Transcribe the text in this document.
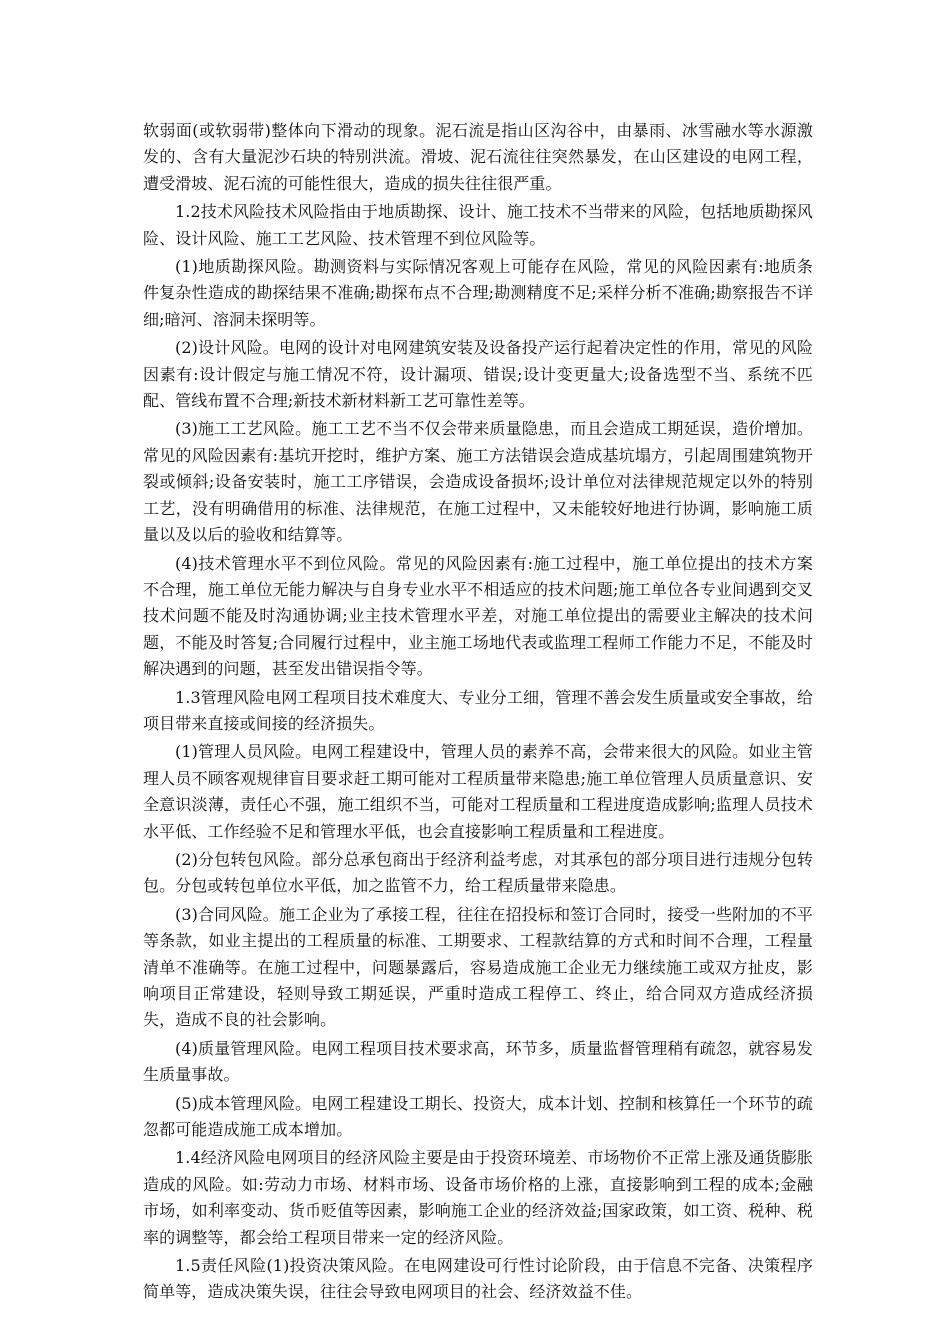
软弱面(或软弱带)整体向下滑动的现象。泥石流是指山区沟谷中，由暴雨、冰雪融水等水源激发的、含有大量泥沙石块的特别洪流。滑坡、泥石流往往突然暴发，在山区建设的电网工程，遭受滑坡、泥石流的可能性很大，造成的损失往往很严重。

1.2技术风险技术风险指由于地质勘探、设计、施工技术不当带来的风险，包括地质勘探风险、设计风险、施工工艺风险、技术管理不到位风险等。

(1)地质勘探风险。勘测资料与实际情况客观上可能存在风险，常见的风险因素有:地质条件复杂性造成的勘探结果不准确;勘探布点不合理;勘测精度不足;采样分析不准确;勘察报告不详细;暗河、溶洞未探明等。

(2)设计风险。电网的设计对电网建筑安装及设备投产运行起着决定性的作用，常见的风险因素有:设计假定与施工情况不符，设计漏项、错误;设计变更量大;设备选型不当、系统不匹配、管线布置不合理;新技术新材料新工艺可靠性差等。

(3)施工工艺风险。施工工艺不当不仅会带来质量隐患，而且会造成工期延误，造价增加。常见的风险因素有:基坑开挖时，维护方案、施工方法错误会造成基坑塌方，引起周围建筑物开裂或倾斜;设备安装时，施工工序错误，会造成设备损坏;设计单位对法律规范规定以外的特别工艺，没有明确借用的标准、法律规范，在施工过程中，又未能较好地进行协调，影响施工质量以及以后的验收和结算等。

(4)技术管理水平不到位风险。常见的风险因素有:施工过程中，施工单位提出的技术方案不合理，施工单位无能力解决与自身专业水平不相适应的技术问题;施工单位各专业间遇到交叉技术问题不能及时沟通协调;业主技术管理水平差，对施工单位提出的需要业主解决的技术问题，不能及时答复;合同履行过程中，业主施工场地代表或监理工程师工作能力不足，不能及时解决遇到的问题，甚至发出错误指令等。

1.3管理风险电网工程项目技术难度大、专业分工细，管理不善会发生质量或安全事故，给项目带来直接或间接的经济损失。

(1)管理人员风险。电网工程建设中，管理人员的素养不高，会带来很大的风险。如业主管理人员不顾客观规律盲目要求赶工期可能对工程质量带来隐患;施工单位管理人员质量意识、安全意识淡薄，责任心不强，施工组织不当，可能对工程质量和工程进度造成影响;监理人员技术水平低、工作经验不足和管理水平低，也会直接影响工程质量和工程进度。

(2)分包转包风险。部分总承包商出于经济利益考虑，对其承包的部分项目进行违规分包转包。分包或转包单位水平低，加之监管不力，给工程质量带来隐患。

(3)合同风险。施工企业为了承接工程，往往在招投标和签订合同时，接受一些附加的不平等条款，如业主提出的工程质量的标准、工期要求、工程款结算的方式和时间不合理，工程量清单不准确等。在施工过程中，问题暴露后，容易造成施工企业无力继续施工或双方扯皮，影响项目正常建设，轻则导致工期延误，严重时造成工程停工、终止，给合同双方造成经济损失，造成不良的社会影响。

(4)质量管理风险。电网工程项目技术要求高，环节多，质量监督管理稍有疏忽，就容易发生质量事故。

(5)成本管理风险。电网工程建设工期长、投资大，成本计划、控制和核算任一个环节的疏忽都可能造成施工成本增加。

1.4经济风险电网项目的经济风险主要是由于投资环境差、市场物价不正常上涨及通货膨胀造成的风险。如:劳动力市场、材料市场、设备市场价格的上涨，直接影响到工程的成本;金融市场，如利率变动、货币贬值等因素，影响施工企业的经济效益;国家政策，如工资、税种、税率的调整等，都会给工程项目带来一定的经济风险。

1.5责任风险(1)投资决策风险。在电网建设可行性讨论阶段，由于信息不完备、决策程序简单等，造成决策失误，往往会导致电网项目的社会、经济效益不佳。
